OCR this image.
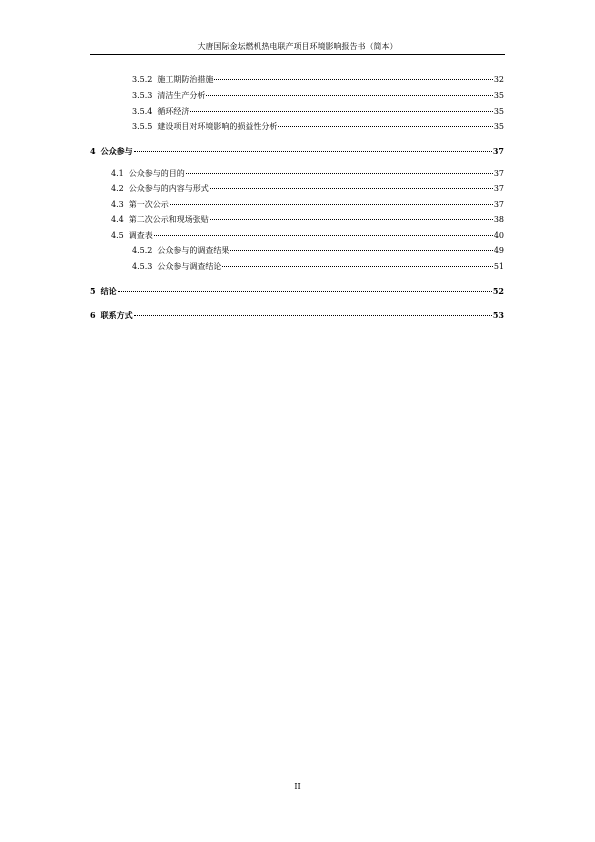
大唐国际金坛燃机热电联产项目环境影响报告书（简本）
3.5.2 施工期防治措施	32
3.5.3 清洁生产分析	35
3.5.4 循环经济	35
3.5.5 建设项目对环境影响的损益性分析	35
4 公众参与	37
4.1 公众参与的目的	37
4.2 公众参与的内容与形式	37
4.3 第一次公示	37
4.4 第二次公示和现场张贴	38
4.5 调查表	40
4.5.2 公众参与的调查结果	49
4.5.3 公众参与调查结论	51
5 结论	52
6 联系方式	53
II
